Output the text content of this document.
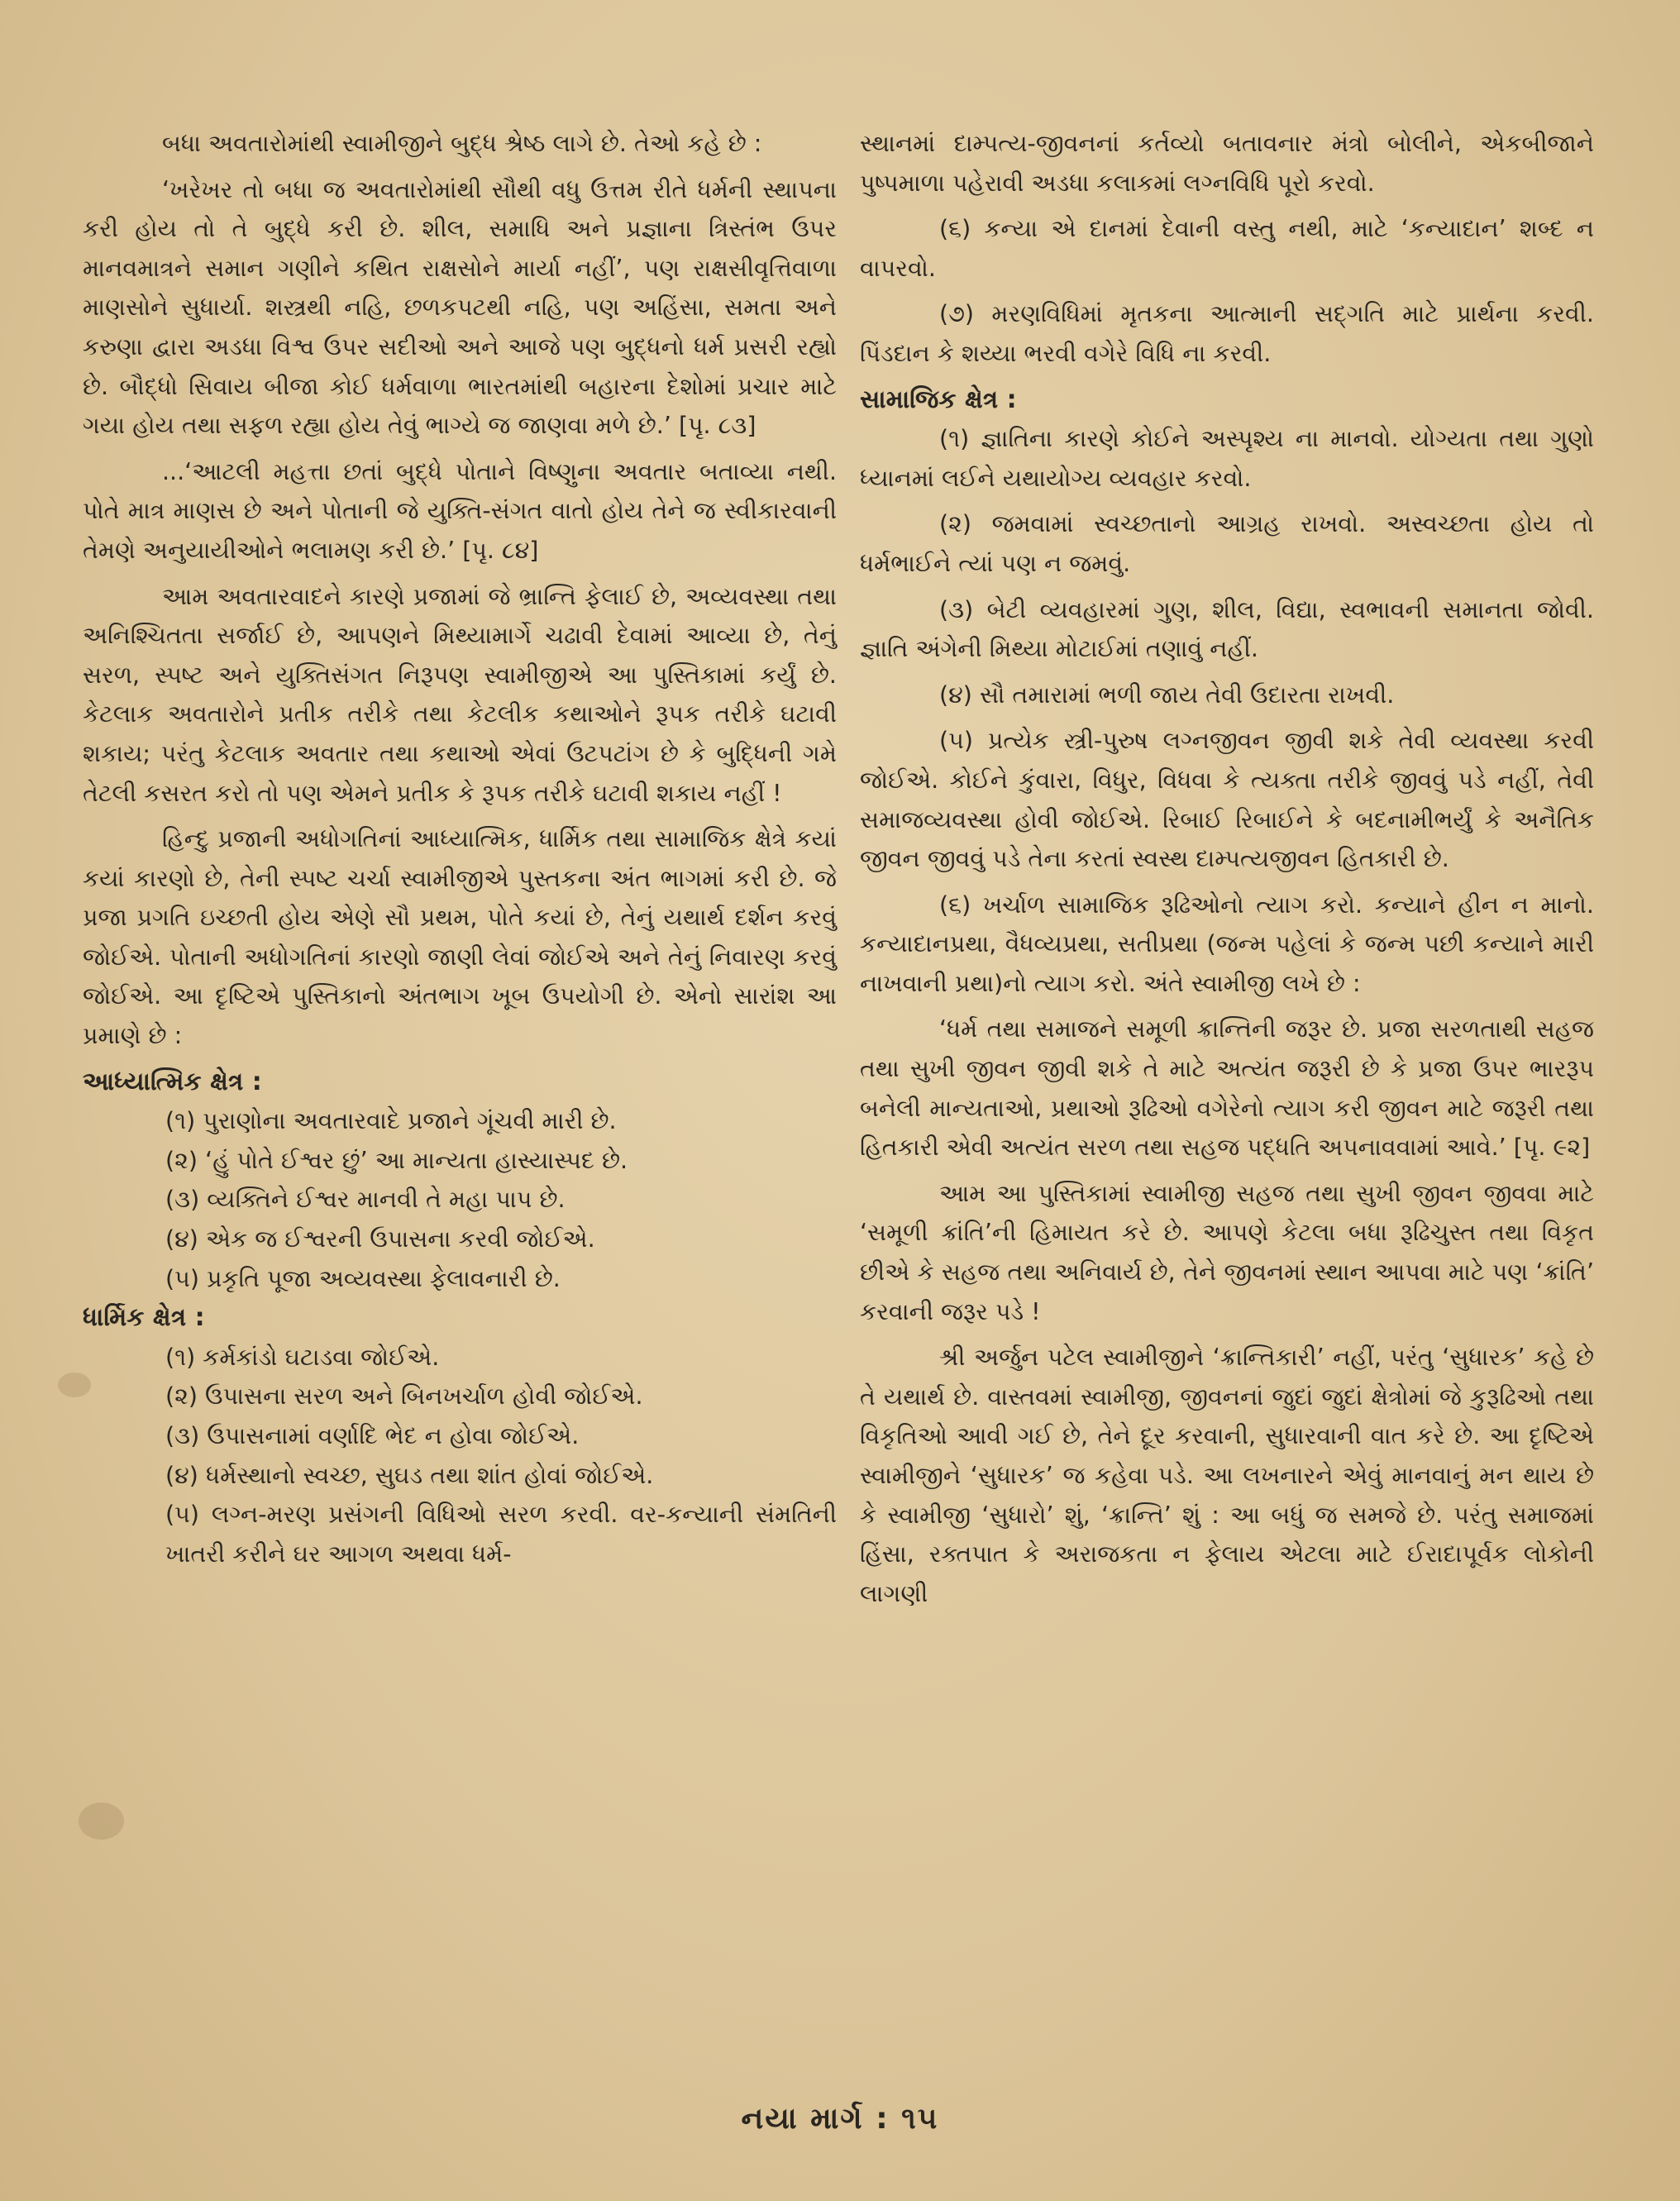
બધા અવતારોમાંથી સ્વામીજીને બુદ્ધ શ્રેષ્ઠ લાગે છે. તેઓ કહે છે :

‘ખરેખર તો બધા જ અવતારોમાંથી સૌથી વધુ ઉત્તમ રીતે ધર્મની સ્થાપના કરી હોય તો તે બુદ્ધે કરી છે. શીલ, સમાધિ અને પ્રજ્ઞાના ત્રિસ્તંભ ઉપર માનવમાત્રને સમાન ગણીને કથિત રાક્ષસોને માર્યા નહીં’, પણ રાક્ષસીવૃત્તિવાળા માણસોને સુધાર્યા. શસ્ત્રથી નહિ, છળકપટથી નહિ, પણ અહિંસા, સમતા અને કરુણા દ્વારા અડધા વિશ્વ ઉપર સદીઓ અને આજે પણ બુદ્ધનો ધર્મ પ્રસરી રહ્યો છે. બૌદ્ધો સિવાય બીજા કોઈ ધર્મવાળા ભારતમાંથી બહારના દેશોમાં પ્રચાર માટે ગયા હોય તથા સફળ રહ્યા હોય તેવું ભાગ્યે જ જાણવા મળે છે.’ [પૃ. ૮૩]

...‘આટલી મહત્તા છતાં બુદ્ધે પોતાને વિષ્ણુના અવતાર બતાવ્યા નથી. પોતે માત્ર માણસ છે અને પોતાની જે યુક્તિ-સંગત વાતો હોય તેને જ સ્વીકારવાની તેમણે અનુયાયીઓને ભલામણ કરી છે.’ [પૃ. ૮૪]

આમ અવતારવાદને કારણે પ્રજામાં જે ભ્રાન્તિ ફેલાઈ છે, અવ્યવસ્થા તથા અનિશ્ચિતતા સર્જાઈ છે, આપણને મિથ્યામાર્ગે ચઢાવી દેવામાં આવ્યા છે, તેનું સરળ, સ્પષ્ટ અને યુક્તિસંગત નિરૂપણ સ્વામીજીએ આ પુસ્તિકામાં કર્યું છે. કેટલાક અવતારોને પ્રતીક તરીકે તથા કેટલીક કથાઓને રૂપક તરીકે ઘટાવી શકાય; પરંતુ કેટલાક અવતાર તથા કથાઓ એવાં ઉટપટાંગ છે કે બુદ્ધિની ગમે તેટલી કસરત કરો તો પણ એમને પ્રતીક કે રૂપક તરીકે ઘટાવી શકાય નહીં !

હિન્દુ પ્રજાની અધોગતિનાં આધ્યાત્મિક, ધાર્મિક તથા સામાજિક ક્ષેત્રે કયાં કયાં કારણો છે, તેની સ્પષ્ટ ચર્ચા સ્વામીજીએ પુસ્તકના અંત ભાગમાં કરી છે. જે પ્રજા પ્રગતિ ઇચ્છતી હોય એણે સૌ પ્રથમ, પોતે કયાં છે, તેનું યથાર્થ દર્શન કરવું જોઈએ. પોતાની અધોગતિનાં કારણો જાણી લેવાં જોઈએ અને તેનું નિવારણ કરવું જોઈએ. આ દૃષ્ટિએ પુસ્તિકાનો અંતભાગ ખૂબ ઉપયોગી છે. એનો સારાંશ આ પ્રમાણે છે :

આધ્યાત્મિક ક્ષેત્ર :
(૧) પુરાણોના અવતારવાદે પ્રજાને ગૂંચવી મારી છે.
(૨) ‘હું પોતે ઈશ્વર છું’ આ માન્યતા હાસ્યાસ્પદ છે.
(૩) વ્યક્તિને ઈશ્વર માનવી તે મહા પાપ છે.
(૪) એક જ ઈશ્વરની ઉપાસના કરવી જોઈએ.
(૫) પ્રકૃતિ પૂજા અવ્યવસ્થા ફેલાવનારી છે.
ધાર્મિક ક્ષેત્ર :
(૧) કર્મકાંડો ઘટાડવા જોઈએ.
(૨) ઉપાસના સરળ અને બિનખર્ચાળ હોવી જોઈએ.
(૩) ઉપાસનામાં વર્ણાદિ ભેદ ન હોવા જોઈએ.
(૪) ધર્મસ્થાનો સ્વચ્છ, સુઘડ તથા શાંત હોવાં જોઈએ.
(૫) લગ્ન-મરણ પ્રસંગની વિધિઓ સરળ કરવી. વર-કન્યાની સંમતિની ખાતરી કરીને ઘર આગળ અથવા ધર્મ-

સ્થાનમાં દામ્પત્ય-જીવનનાં કર્તવ્યો બતાવનાર મંત્રો બોલીને, એકબીજાને પુષ્પમાળા પહેરાવી અડધા કલાકમાં લગ્નવિધિ પૂરો કરવો.

(૬) કન્યા એ દાનમાં દેવાની વસ્તુ નથી, માટે ‘કન્યાદાન’ શબ્દ ન વાપરવો.

(૭) મરણવિધિમાં મૃતકના આત્માની સદ્ગતિ માટે પ્રાર્થના કરવી. પિંડદાન કે શય્યા ભરવી વગેરે વિધિ ના કરવી.

સામાજિક ક્ષેત્ર :

(૧) જ્ઞાતિના કારણે કોઈને અસ્પૃશ્ય ના માનવો. યોગ્યતા તથા ગુણો ધ્યાનમાં લઈને યથાયોગ્ય વ્યવહાર કરવો.

(૨) જમવામાં સ્વચ્છતાનો આગ્રહ રાખવો. અસ્વચ્છતા હોય તો ધર્મભાઈને ત્યાં પણ ન જમવું.

(૩) બેટી વ્યવહારમાં ગુણ, શીલ, વિદ્યા, સ્વભાવની સમાનતા જોવી. જ્ઞાતિ અંગેની મિથ્યા મોટાઈમાં તણાવું નહીં.

(૪) સૌ તમારામાં ભળી જાય તેવી ઉદારતા રાખવી.

(૫) પ્રત્યેક સ્ત્રી-પુરુષ લગ્નજીવન જીવી શકે તેવી વ્યવસ્થા કરવી જોઈએ. કોઈને કુંવારા, વિધુર, વિધવા કે ત્યક્તા તરીકે જીવવું પડે નહીં, તેવી સમાજવ્યવસ્થા હોવી જોઈએ. રિબાઈ રિબાઈને કે બદનામીભર્યું કે અનૈતિક જીવન જીવવું પડે તેના કરતાં સ્વસ્થ દામ્પત્યજીવન હિતકારી છે.

(૬) ખર્ચાળ સામાજિક રૂઢિઓનો ત્યાગ કરો. કન્યાને હીન ન માનો. કન્યાદાનપ્રથા, વૈધવ્યપ્રથા, સતીપ્રથા (જન્મ પહેલાં કે જન્મ પછી કન્યાને મારી નાખવાની પ્રથા)નો ત્યાગ કરો. અંતે સ્વામીજી લખે છે :

‘ધર્મ તથા સમાજને સમૂળી ક્રાન્તિની જરૂર છે. પ્રજા સરળતાથી સહજ તથા સુખી જીવન જીવી શકે તે માટે અત્યંત જરૂરી છે કે પ્રજા ઉપર ભારરૂપ બનેલી માન્યતાઓ, પ્રથાઓ રૂઢિઓ વગેરેનો ત્યાગ કરી જીવન માટે જરૂરી તથા હિતકારી એવી અત્યંત સરળ તથા સહજ પદ્ધતિ અપનાવવામાં આવે.’ [પૃ. ૯૨]

આમ આ પુસ્તિકામાં સ્વામીજી સહજ તથા સુખી જીવન જીવવા માટે ‘સમૂળી ક્રાંતિ’ની હિમાયત કરે છે. આપણે કેટલા બધા રૂઢિચુસ્ત તથા વિકૃત છીએ કે સહજ તથા અનિવાર્ય છે, તેને જીવનમાં સ્થાન આપવા માટે પણ ‘ક્રાંતિ’ કરવાની જરૂર પડે !

શ્રી અર્જુન પટેલ સ્વામીજીને ‘ક્રાન્તિકારી’ નહીં, પરંતુ ‘સુધારક’ કહે છે તે યથાર્થ છે. વાસ્તવમાં સ્વામીજી, જીવનનાં જુદાં જુદાં ક્ષેત્રોમાં જે કુરૂઢિઓ તથા વિકૃતિઓ આવી ગઈ છે, તેને દૂર કરવાની, સુધારવાની વાત કરે છે. આ દૃષ્ટિએ સ્વામીજીને ‘સુધારક’ જ કહેવા પડે. આ લખનારને એવું માનવાનું મન થાય છે કે સ્વામીજી ‘સુધારો’ શું, ‘ક્રાન્તિ’ શું : આ બધું જ સમજે છે. પરંતુ સમાજમાં હિંસા, રક્તપાત કે અરાજકતા ન ફેલાય એટલા માટે ઈરાદાપૂર્વક લોકોની લાગણી

નયા માર્ગ : ૧૫
